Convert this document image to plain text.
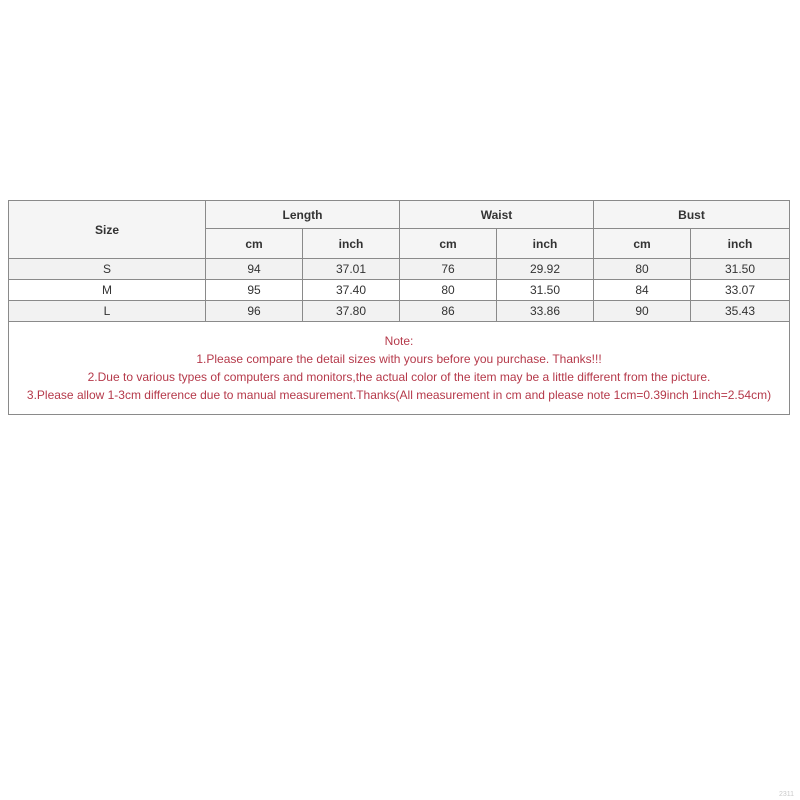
Size	Length		Waist		Bust	
	cm	inch	cm	inch	cm	inch
S	94	37.01	76	29.92	80	31.50
M	95	37.40	80	31.50	84	33.07
L	96	37.80	86	33.86	90	35.43

Note:
1.Please compare the detail sizes with yours before you purchase. Thanks!!!
2.Due to various types of computers and monitors,the actual color of the item may be a little different from the picture.
3.Please allow 1-3cm difference due to manual measurement.Thanks(All measurement in cm and please note 1cm=0.39inch 1inch=2.54cm)						
2311
